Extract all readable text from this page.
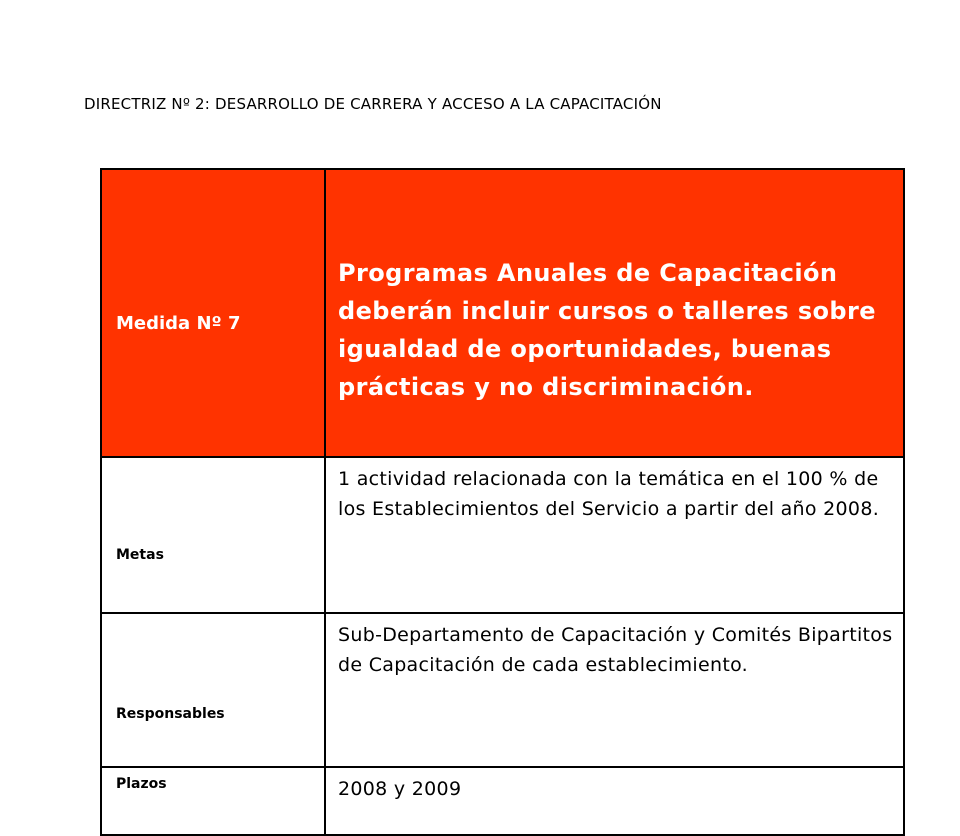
DIRECTRIZ Nº 2: DESARROLLO DE CARRERA Y ACCESO A LA CAPACITACIÓN
Medida Nº 7	Programas Anuales de Capacitación deberán incluir cursos o talleres sobre igualdad de oportunidades, buenas prácticas y no discriminación.
Metas	1 actividad relacionada con la temática en el 100 % de los Establecimientos del Servicio a partir del año 2008.
Responsables	Sub-Departamento de Capacitación y Comités Bipartitos de Capacitación de cada establecimiento.
Plazos	2008 y 2009
